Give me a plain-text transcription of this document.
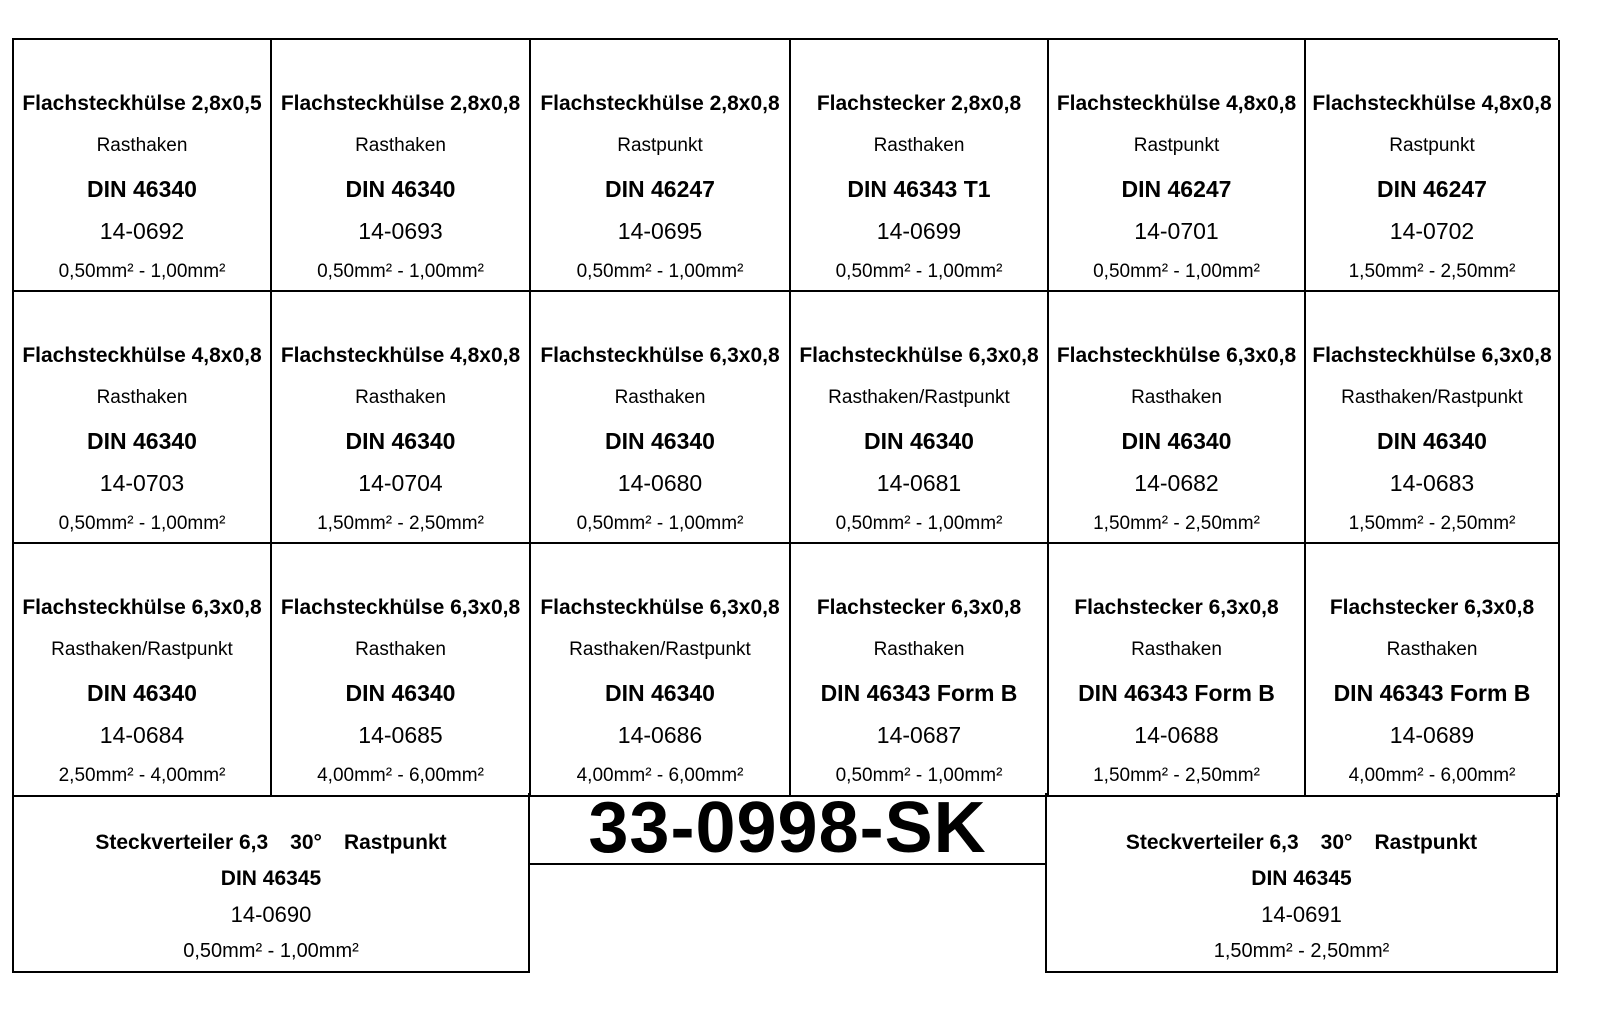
Flachsteckhülse 2,8x0,5
Rasthaken
DIN 46340
14-0692
0,50mm² - 1,00mm²
Flachsteckhülse 2,8x0,8
Rasthaken
DIN 46340
14-0693
0,50mm² - 1,00mm²
Flachsteckhülse 2,8x0,8
Rastpunkt
DIN 46247
14-0695
0,50mm² - 1,00mm²
Flachstecker 2,8x0,8
Rasthaken
DIN 46343 T1
14-0699
0,50mm² - 1,00mm²
Flachsteckhülse 4,8x0,8
Rastpunkt
DIN 46247
14-0701
0,50mm² - 1,00mm²
Flachsteckhülse 4,8x0,8
Rastpunkt
DIN 46247
14-0702
1,50mm² - 2,50mm²
Flachsteckhülse 4,8x0,8
Rasthaken
DIN 46340
14-0703
0,50mm² - 1,00mm²
Flachsteckhülse 4,8x0,8
Rasthaken
DIN 46340
14-0704
1,50mm² - 2,50mm²
Flachsteckhülse 6,3x0,8
Rasthaken
DIN 46340
14-0680
0,50mm² - 1,00mm²
Flachsteckhülse 6,3x0,8
Rasthaken/Rastpunkt
DIN 46340
14-0681
0,50mm² - 1,00mm²
Flachsteckhülse 6,3x0,8
Rasthaken
DIN 46340
14-0682
1,50mm² - 2,50mm²
Flachsteckhülse 6,3x0,8
Rasthaken/Rastpunkt
DIN 46340
14-0683
1,50mm² - 2,50mm²
Flachsteckhülse 6,3x0,8
Rasthaken/Rastpunkt
DIN 46340
14-0684
2,50mm² - 4,00mm²
Flachsteckhülse 6,3x0,8
Rasthaken
DIN 46340
14-0685
4,00mm² - 6,00mm²
Flachsteckhülse 6,3x0,8
Rasthaken/Rastpunkt
DIN 46340
14-0686
4,00mm² - 6,00mm²
Flachstecker 6,3x0,8
Rasthaken
DIN 46343 Form B
14-0687
0,50mm² - 1,00mm²
Flachstecker 6,3x0,8
Rasthaken
DIN 46343 Form B
14-0688
1,50mm² - 2,50mm²
Flachstecker 6,3x0,8
Rasthaken
DIN 46343 Form B
14-0689
4,00mm² - 6,00mm²
Steckverteiler 6,3 30° Rastpunkt
DIN 46345
14-0690
0,50mm² - 1,00mm²
33-0998-SK	Steckverteiler 6,3 30° Rastpunkt
DIN 46345
14-0691
1,50mm² - 2,50mm²
